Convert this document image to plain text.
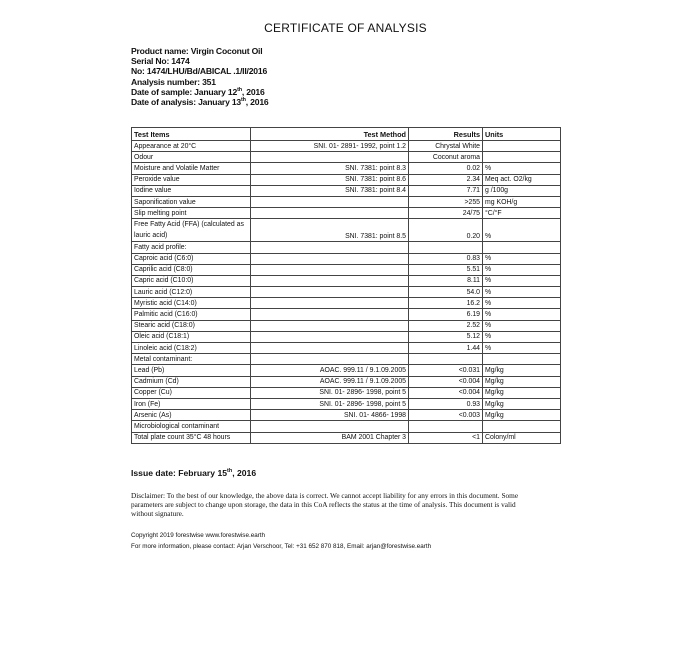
CERTIFICATE OF ANALYSIS
Product name: Virgin Coconut Oil
Serial No: 1474
No: 1474/LHU/Bd/ABICAL .1/II/2016
Analysis number: 351
Date of sample: January 12th, 2016
Date of analysis: January 13th, 2016
Test Items	Test Method	Results	Units
Appearance at 20°C	SNI. 01- 2891- 1992, point 1.2	Chrystal White	
Odour		Coconut aroma	
Moisture and Volatile Matter	SNI. 7381: point 8.3	0.02	%
Peroxide value	SNI. 7381: point 8.6	2.34	Meq act. O2/kg
Iodine value	SNI. 7381: point 8.4	7.71	g /100g
Saponification value		>255	mg KOH/g
Slip melting point		24/75	°C/°F
Free Fatty Acid (FFA) (calculated as lauric acid)	SNI. 7381: point 8.5	0.20	%
Fatty acid profile:			
Caproic acid (C6:0)		0.83	%
Caprilic acid (C8:0)		5.51	%
Capric acid (C10:0)		8.11	%
Lauric acid (C12:0)		54.0	%
Myristic acid (C14:0)		16.2	%
Palmitic acid (C16:0)		6.19	%
Stearic acid (C18:0)		2.52	%
Oleic acid (C18:1)		5.12	%
Linoleic acid (C18:2)		1.44	%
Metal contaminant:			
Lead (Pb)	AOAC. 999.11 / 9.1.09.2005	<0.031	Mg/kg
Cadmium (Cd)	AOAC. 999.11 / 9.1.09.2005	<0.004	Mg/kg
Copper (Cu)	SNI. 01- 2896- 1998, point 5	<0.004	Mg/kg
Iron (Fe)	SNI. 01- 2896- 1998, point 5	0.93	Mg/kg
Arsenic (As)	SNI. 01- 4866- 1998	<0.003	Mg/kg
Microbiological contaminant			
Total plate count 35°C 48 hours	BAM 2001 Chapter 3	<1	Colony/ml
Issue date: February 15th, 2016
Disclaimer: To the best of our knowledge, the above data is correct. We cannot accept liability for any errors in this document. Some parameters are subject to change upon storage, the data in this CoA reflects the status at the time of analysis. This document is valid without signature.
Copyright 2019 forestwise www.forestwise.earth
For more information, please contact: Arjan Verschoor, Tel: +31 652 870 818, Email: arjan@forestwise.earth
